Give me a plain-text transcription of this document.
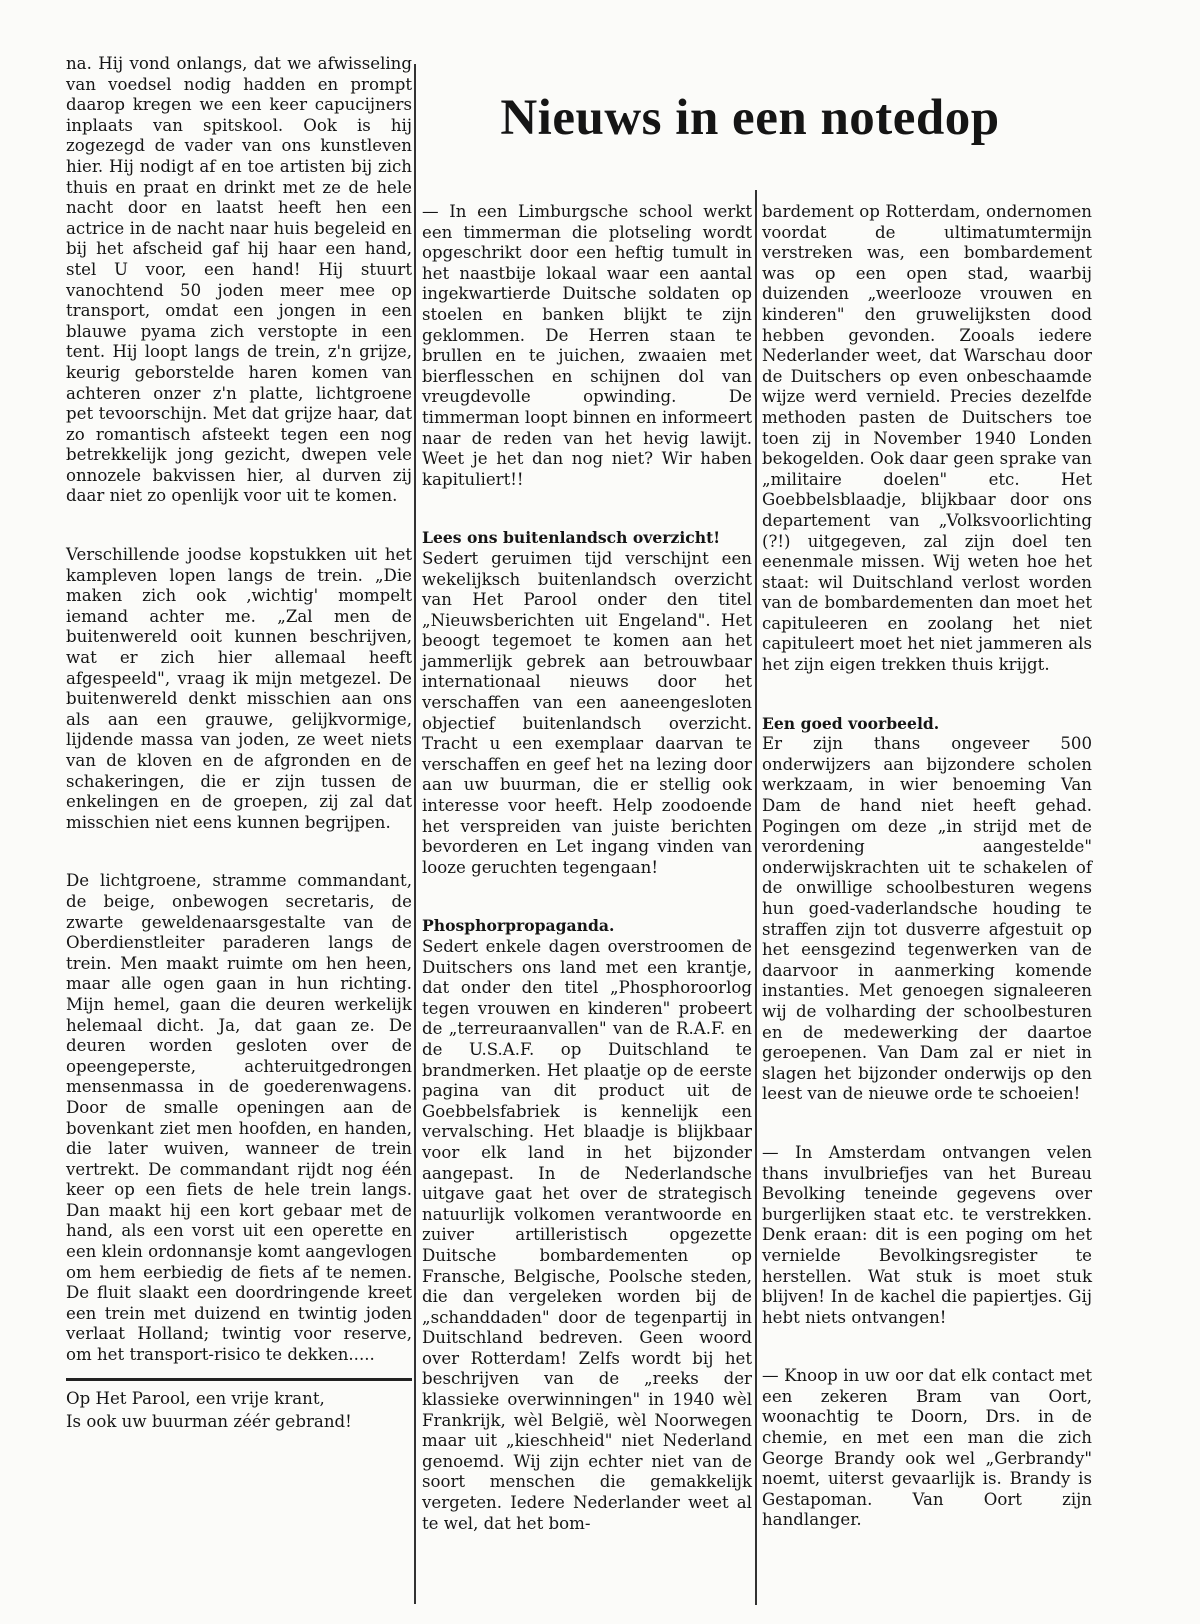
Nieuws in een notedop

na. Hij vond onlangs, dat we afwisseling van voedsel nodig hadden en prompt daarop kregen we een keer capucijners inplaats van spitskool. Ook is hij zogezegd de vader van ons kunstleven hier. Hij nodigt af en toe artisten bij zich thuis en praat en drinkt met ze de hele nacht door en laatst heeft hen een actrice in de nacht naar huis begeleid en bij het afscheid gaf hij haar een hand, stel U voor, een hand! Hij stuurt vanochtend 50 joden meer mee op transport, omdat een jongen in een blauwe pyama zich verstopte in een tent. Hij loopt langs de trein, z'n grijze, keurig geborstelde haren komen van achteren onzer z'n platte, lichtgroene pet tevoorschijn. Met dat grijze haar, dat zo romantisch afsteekt tegen een nog betrekkelijk jong gezicht, dwepen vele onnozele bakvissen hier, al durven zij daar niet zo openlijk voor uit te komen.

Verschillende joodse kopstukken uit het kampleven lopen langs de trein. „Die maken zich ook ‚wichtig' mompelt iemand achter me. „Zal men de buitenwereld ooit kunnen beschrijven, wat er zich hier allemaal heeft afgespeeld", vraag ik mijn metgezel. De buitenwereld denkt misschien aan ons als aan een grauwe, gelijkvormige, lijdende massa van joden, ze weet niets van de kloven en de afgronden en de schakeringen, die er zijn tussen de enkelingen en de groepen, zij zal dat misschien niet eens kunnen begrijpen.

De lichtgroene, stramme commandant, de beige, onbewogen secretaris, de zwarte geweldenaarsgestalte van de Oberdienstleiter paraderen langs de trein. Men maakt ruimte om hen heen, maar alle ogen gaan in hun richting. Mijn hemel, gaan die deuren werkelijk helemaal dicht. Ja, dat gaan ze. De deuren worden gesloten over de opeengeperste, achteruitgedrongen mensenmassa in de goederenwagens. Door de smalle openingen aan de bovenkant ziet men hoofden, en handen, die later wuiven, wanneer de trein vertrekt. De commandant rijdt nog één keer op een fiets de hele trein langs. Dan maakt hij een kort gebaar met de hand, als een vorst uit een operette en een klein ordonnansje komt aangevlogen om hem eerbiedig de fiets af te nemen. De fluit slaakt een doordringende kreet een trein met duizend en twintig joden verlaat Holland; twintig voor reserve, om het transport-risico te dekken.....

Op Het Parool, een vrije krant,

Is ook uw buurman zéér gebrand!

— In een Limburgsche school werkt een timmerman die plotseling wordt opgeschrikt door een heftig tumult in het naastbije lokaal waar een aantal ingekwartierde Duitsche soldaten op stoelen en banken blijkt te zijn geklommen. De Herren staan te brullen en te juichen, zwaaien met bierflesschen en schijnen dol van vreugdevolle opwinding. De timmerman loopt binnen en informeert naar de reden van het hevig lawijt. Weet je het dan nog niet? Wir haben kapituliert!!

Lees ons buitenlandsch overzicht!

Sedert geruimen tijd verschijnt een wekelijksch buitenlandsch overzicht van Het Parool onder den titel „Nieuwsberichten uit Engeland". Het beoogt tegemoet te komen aan het jammerlijk gebrek aan betrouwbaar internationaal nieuws door het verschaffen van een aaneengesloten objectief buitenlandsch overzicht. Tracht u een exemplaar daarvan te verschaffen en geef het na lezing door aan uw buurman, die er stellig ook interesse voor heeft. Help zoodoende het verspreiden van juiste berichten bevorderen en Let ingang vinden van looze geruchten tegengaan!

Phosphorpropaganda.

Sedert enkele dagen overstroomen de Duitschers ons land met een krantje, dat onder den titel „Phosphoroorlog tegen vrouwen en kinderen" probeert de „terreuraanvallen" van de R.A.F. en de U.S.A.F. op Duitschland te brandmerken. Het plaatje op de eerste pagina van dit product uit de Goebbelsfabriek is kennelijk een vervalsching. Het blaadje is blijkbaar voor elk land in het bijzonder aangepast. In de Nederlandsche uitgave gaat het over de strategisch natuurlijk volkomen verantwoorde en zuiver artilleristisch opgezette Duitsche bombardementen op Fransche, Belgische, Poolsche steden, die dan vergeleken worden bij de „schanddaden" door de tegenpartij in Duitschland bedreven. Geen woord over Rotterdam! Zelfs wordt bij het beschrijven van de „reeks der klassieke overwinningen" in 1940 wèl Frankrijk, wèl België, wèl Noorwegen maar uit „kieschheid" niet Nederland genoemd. Wij zijn echter niet van de soort menschen die gemakkelijk vergeten. Iedere Nederlander weet al te wel, dat het bom-

bardement op Rotterdam, ondernomen voordat de ultimatumtermijn verstreken was, een bombardement was op een open stad, waarbij duizenden „weerlooze vrouwen en kinderen" den gruwelijksten dood hebben gevonden. Zooals iedere Nederlander weet, dat Warschau door de Duitschers op even onbeschaamde wijze werd vernield. Precies dezelfde methoden pasten de Duitschers toe toen zij in November 1940 Londen bekogelden. Ook daar geen sprake van „militaire doelen" etc. Het Goebbelsblaadje, blijkbaar door ons departement van „Volksvoorlichting (?!) uitgegeven, zal zijn doel ten eenenmale missen. Wij weten hoe het staat: wil Duitschland verlost worden van de bombardementen dan moet het capituleeren en zoolang het niet capituleert moet het niet jammeren als het zijn eigen trekken thuis krijgt.

Een goed voorbeeld.

Er zijn thans ongeveer 500 onderwijzers aan bijzondere scholen werkzaam, in wier benoeming Van Dam de hand niet heeft gehad. Pogingen om deze „in strijd met de verordening aangestelde" onderwijskrachten uit te schakelen of de onwillige schoolbesturen wegens hun goed-vaderlandsche houding te straffen zijn tot dusverre afgestuit op het eensgezind tegenwerken van de daarvoor in aanmerking komende instanties. Met genoegen signaleeren wij de volharding der schoolbesturen en de medewerking der daartoe geroepenen. Van Dam zal er niet in slagen het bijzonder onderwijs op den leest van de nieuwe orde te schoeien!

— In Amsterdam ontvangen velen thans invulbriefjes van het Bureau Bevolking teneinde gegevens over burgerlijken staat etc. te verstrekken. Denk eraan: dit is een poging om het vernielde Bevolkingsregister te herstellen. Wat stuk is moet stuk blijven! In de kachel die papiertjes. Gij hebt niets ontvangen!

— Knoop in uw oor dat elk contact met een zekeren Bram van Oort, woonachtig te Doorn, Drs. in de chemie, en met een man die zich George Brandy ook wel „Gerbrandy" noemt, uiterst gevaarlijk is. Brandy is Gestapoman. Van Oort zijn handlanger.
